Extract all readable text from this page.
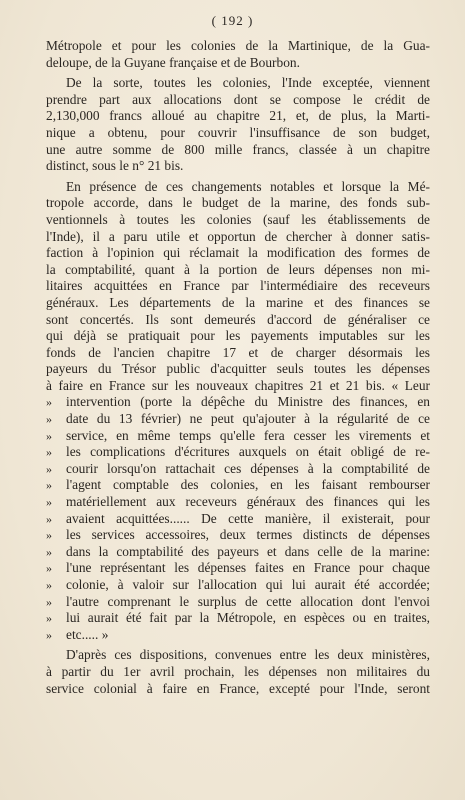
( 192 )
Métropole et pour les colonies de la Martinique, de la Gua-
deloupe, de la Guyane française et de Bourbon.
De la sorte, toutes les colonies, l'Inde exceptée, viennent
prendre part aux allocations dont se compose le crédit de
2,130,000 francs alloué au chapitre 21, et, de plus, la Marti-
nique a obtenu, pour couvrir l'insuffisance de son budget,
une autre somme de 800 mille francs, classée à un chapitre
distinct, sous le n° 21 bis.
En présence de ces changements notables et lorsque la Mé-
tropole accorde, dans le budget de la marine, des fonds sub-
ventionnels à toutes les colonies (sauf les établissements de
l'Inde), il a paru utile et opportun de chercher à donner satis-
faction à l'opinion qui réclamait la modification des formes de
la comptabilité, quant à la portion de leurs dépenses non mi-
litaires acquittées en France par l'intermédiaire des receveurs
généraux. Les départements de la marine et des finances se
sont concertés. Ils sont demeurés d'accord de généraliser ce
qui déjà se pratiquait pour les payements imputables sur les
fonds de l'ancien chapitre 17 et de charger désormais les
payeurs du Trésor public d'acquitter seuls toutes les dépenses
à faire en France sur les nouveaux chapitres 21 et 21 bis. « Leur
»	intervention (porte la dépêche du Ministre des finances, en
»	date du 13 février) ne peut qu'ajouter à la régularité de ce
»	service, en même temps qu'elle fera cesser les virements et
»	les complications d'écritures auxquels on était obligé de re-
»	courir lorsqu'on rattachait ces dépenses à la comptabilité de
»	l'agent comptable des colonies, en les faisant rembourser
»	matériellement aux receveurs généraux des finances qui les
»	avaient acquittées...... De cette manière, il existerait, pour
»	les services accessoires, deux termes distincts de dépenses
»	dans la comptabilité des payeurs et dans celle de la marine:
»	l'une représentant les dépenses faites en France pour chaque
»	colonie, à valoir sur l'allocation qui lui aurait été accordée;
»	l'autre comprenant le surplus de cette allocation dont l'envoi
»	lui aurait été fait par la Métropole, en espèces ou en traites,
»	etc..... »
D'après ces dispositions, convenues entre les deux ministères,
à partir du 1er avril prochain, les dépenses non militaires du
service colonial à faire en France, excepté pour l'Inde, seront
